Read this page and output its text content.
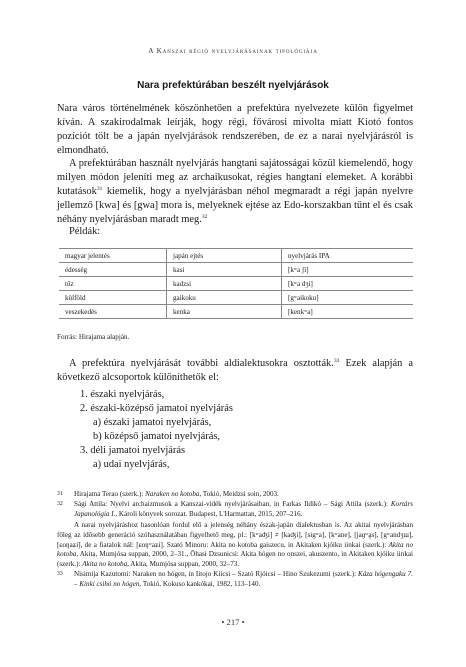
A Kanszai régió nyelvjárásainak tipológiája
Nara prefektúrában beszélt nyelvjárások

Nara város történelmének köszönhetően a prefektúra nyelvezete külön figyelmet kíván. A szakirodalmak leírják, hogy régi, fővárosi mivolta miatt Kiotó fontos pozíciót tölt be a japán nyelvjárások rendszerében, de ez a narai nyelvjárásról is elmondható.

A prefektúrában használt nyelvjárás hangtani sajátosságai közül kiemelendő, hogy milyen módon jeleníti meg az archaikusokat, régies hangtani elemeket. A korábbi kutatások$^{31}$ kiemelik, hogy a nyelvjárásban néhol megmaradt a régi japán nyelvre jellemző [kwa] és [gwa] mora is, melyeknek ejtése az Edo-korszakban tűnt el és csak néhány nyelvjárásban maradt meg.$^{32}$

Példák:
magyar jelentés	japán ejtés	nyelvjárás IPA
édesség	kasi	[kʷa ʃi]
tűz	kadzsi	[kʷa dʒi]
külföld	gaikoku	[gʷaikoku]
veszekedés	kenka	[kenkʷa]
Forrás: Hirajama alapján.

A prefektúra nyelvjárását további aldialektusokra osztották.$^{33}$ Ezek alapján a következő alcsoportok különíthetők el:

1. északi nyelvjárás,
2. északi-középső jamatoi nyelvjárás
a) északi jamatoi nyelvjárás,
b) középső jamatoi nyelvjárás,
3. déli jamatoi nyelvjárás
a) udai nyelvjárás,
31 Hirajama Terao (szerk.): Naraken no kotoba, Tokió, Meidzsi soin, 2003.
32 Sági Attila: Nyelvi archaizmusok a Kanszai-vidék nyelvjárásaiban, in Farkas Ildikó – Sági Attila (szerk.): Kortárs Japanológia I., Károli könyvek sorozat. Budapest, L'Harmattan, 2015, 207–216.
A narai nyelvjáráshoz hasonlóan fordul elő a jelenség néhány észak-japán dialektusban is. Az akitai nyelvjárásban főleg az idősebb generáció szóhasználatában figyelhető meg, pl.: [kʷaʤi] ≠ [kaʤi], [sigʷa], [kʷane], [jaɡʷa̰s], [gʷandʒɯ], [ɕoŋaʑi], de a fiatalok nál: [ɕoŋʷaʑi]. Szató Minoru: Akita no kotoba gaiszecu, in Akitaken kjóiku iinkai (szerk.): Akita no kotoba, Akita, Mumjósa suppan, 2000, 2–31., Ōhasi Dzsunicsi: Akita hógen no onszei, akuszento, in Akitaken kjóiku iinkai (szerk.): Akita no kotoba, Akita, Mumjósa suppan, 2000, 32–73.
33 Nisimija Kazutomi: Naraken no hógen, in Iitojo Kiicsi – Szató Rjóicsi – Hino Szukezumi (szerk.): Káza hógengaku 7. – Kinki csihó no hógen, Tokió, Kokuso kankókai, 1982, 113–140.
• 217 •
